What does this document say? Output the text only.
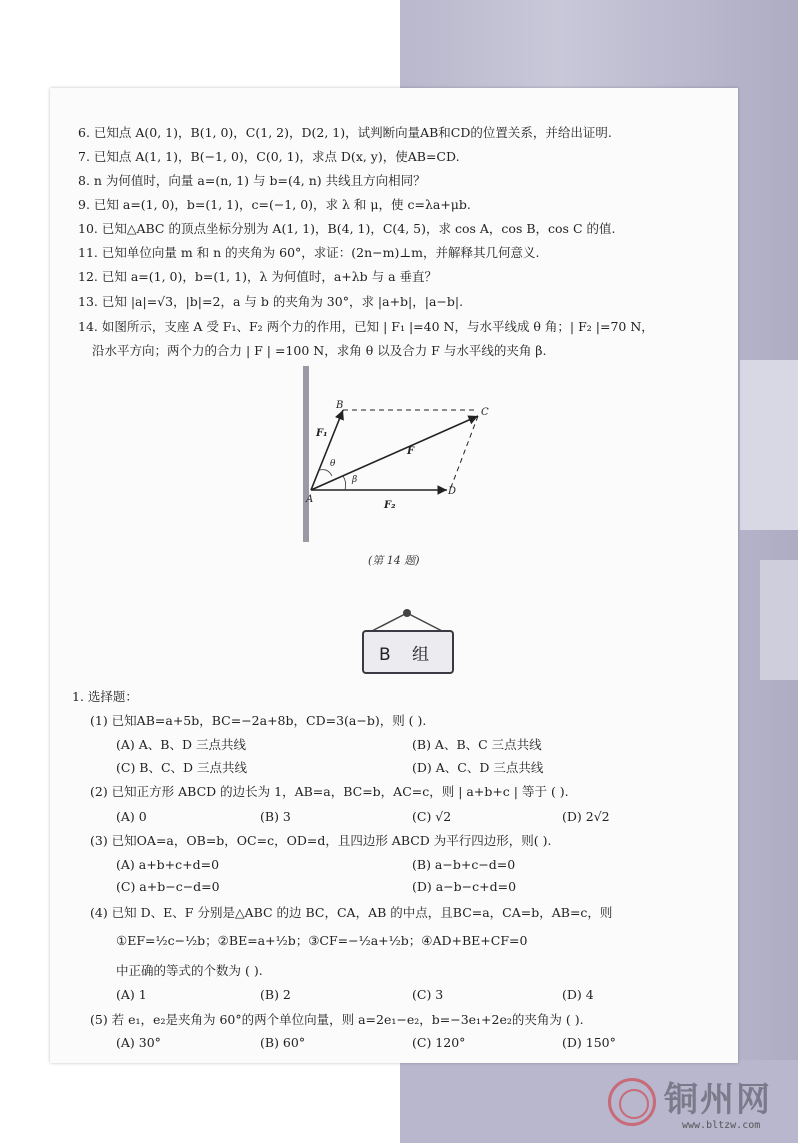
6. 已知点 A(0, 1)，B(1, 0)，C(1, 2)，D(2, 1)，试判断向量AB和CD的位置关系，并给出证明.
7. 已知点 A(1, 1)，B(−1, 0)，C(0, 1)，求点 D(x, y)，使AB=CD.
8. n 为何值时，向量 a=(n, 1) 与 b=(4, n) 共线且方向相同？
9. 已知 a=(1, 0)，b=(1, 1)，c=(−1, 0)，求 λ 和 μ，使 c=λa+μb.
10. 已知△ABC 的顶点坐标分别为 A(1, 1)，B(4, 1)，C(4, 5)，求 cos A，cos B，cos C 的值.
11. 已知单位向量 m 和 n 的夹角为 60°，求证：(2n−m)⊥m，并解释其几何意义.
12. 已知 a=(1, 0)，b=(1, 1)，λ 为何值时，a+λb 与 a 垂直？
13. 已知 |a|=√3，|b|=2，a 与 b 的夹角为 30°，求 |a+b|，|a−b|.
14. 如图所示，支座 A 受 F₁、F₂ 两个力的作用，已知 | F₁ |=40 N，与水平线成 θ 角；| F₂ |=70 N，
沿水平方向；两个力的合力 | F | =100 N，求角 θ 以及合力 F 与水平线的夹角 β.
B
C
A
D
F₁
F₂
F
θ
β
(第 14 题)
B 组
1. 选择题：
(1) 已知AB=a+5b，BC=−2a+8b，CD=3(a−b)，则 ( ).
(A) A、B、D 三点共线	(B) A、B、C 三点共线
(C) B、C、D 三点共线	(D) A、C、D 三点共线
(2) 已知正方形 ABCD 的边长为 1，AB=a，BC=b，AC=c，则 | a+b+c | 等于 ( ).
(A) 0	(B) 3	(C) √2	(D) 2√2
(3) 已知OA=a，OB=b，OC=c，OD=d，且四边形 ABCD 为平行四边形，则( ).
(A) a+b+c+d=0	(B) a−b+c−d=0
(C) a+b−c−d=0	(D) a−b−c+d=0
(4) 已知 D、E、F 分别是△ABC 的边 BC，CA，AB 的中点，且BC=a，CA=b，AB=c，则
①EF=½c−½b；②BE=a+½b；③CF=−½a+½b；④AD+BE+CF=0
中正确的等式的个数为 ( ).
(A) 1	(B) 2	(C) 3	(D) 4
(5) 若 e₁，e₂是夹角为 60°的两个单位向量，则 a=2e₁−e₂，b=−3e₁+2e₂的夹角为 ( ).
(A) 30°	(B) 60°	(C) 120°	(D) 150°
铜州网
www.bltzw.com
